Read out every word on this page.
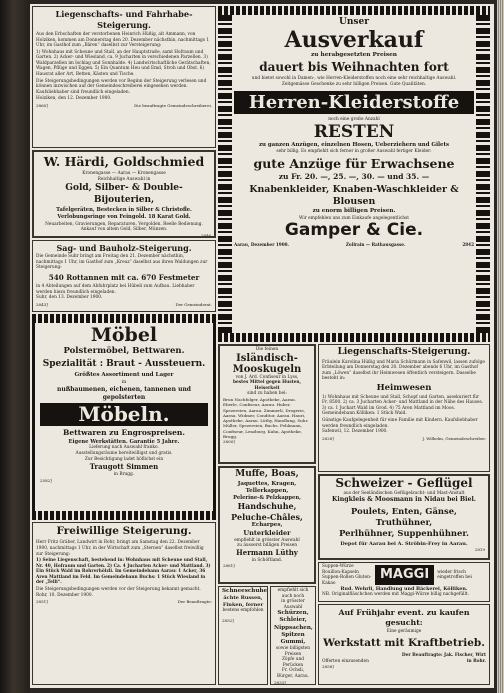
Liegenschafts- und Fahrhabe-Steigerung.

Aus den Erbschaften der verstorbenen Heinrich Hüßig, alt Ammann, von Holziken, kommen am Donnerstag den 20. Dezember nächsthin, nachmittags 1 Uhr, im Gasthof zum „Bären“ daselbst zur Versteigerung:

1) Wohnhaus mit Scheune und Stall, an der Hauptstraße, samt Hofraum und Garten. 2) Acker- und Wiesland, ca. 9 Jucharten in verschiedenen Parzellen. 3) Waldparzellen im Ischlag und Sonnhalde. 4) Landwirtschaftliche Gerätschaften, Wagen, Pflüge und Eggen. 5) Ein Quantum Heu und Emd, Stroh und Obst. 6) Hausrat aller Art, Betten, Kästen und Tische.

Die Steigerungsbedingungen werden vor Beginn der Steigerung verlesen und können inzwischen auf der Gemeindeschreiberei eingesehen werden. Kaufsliebhaber sind freundlich eingeladen.

Holziken, den 12. Dezember 1900.

2860]	Die beauftragte Gemeindeschreiberei.

W. Härdi, Goldschmied

Kronengasse — Aarau — Kronengasse

Reichhaltige Auswahl in

Gold, Silber- & Double-Bijouterien,

Tafelgeräten, Bestecken in Silber & Christofle.

Verlobungsringe von Feingold. 18 Karat Gold.

Neuarbeiten, Gravierungen, Reparaturen. Vergolden. Reelle Bedienung. Ankauf von altem Gold, Silber, Münzen.

2846

Sag- und Bauholz-Steigerung.

Die Gemeinde Suhr bringt am Freitag den 21. Dezember nächsthin, nachmittags 1 Uhr, im Gasthof zum „Kreuz“ daselbst aus ihren Waldungen zur Steigerung:

540 Rottannen mit ca. 670 Festmeter

in 4 Abteilungen auf dem Abfuhrplatz bei Hübeli zum Aufbau. Liebhaber werden hiezu freundlich eingeladen.

Suhr, den 13. Dezember 1900.

2843]	Der Gemeinderat.

Möbel

Polstermöbel, Bettwaren.

Spezialität : Braut - Aussteuern.

Größtes Assortiment und Lager

in

nußbaumenen, eichenen, tannenen und gepolsterten

Möbeln.

Bettwaren zu Engrospreisen.

Eigene Werkstätten. Garantie 5 Jahre.

Lieferung nach Auswahl franko.

Ausstellungsräume bereitwilligst und gratis.

Zur Besichtigung ladet höflichst ein

Traugott Simmen

in Brugg.

2582]

Freiwillige Steigerung.

Herr Fritz Gräber, Landwirt in Rohr, bringt am Samstag den 22. Dezember 1900, nachmittags 1 Uhr, in der Wirtschaft zum „Sternen“ daselbst freiwillig zur Steigerung:

1) Seine Liegenschaft, bestehend in: Wohnhaus mit Scheune und Stall, Nr. 40, Hofraum und Garten. 2) Ca. 4 Jucharten Acker- und Mattland. 3) Ein Stück Wald im Rohrerhölzli. Im Gemeindebann Aarau: 1 Acker, 36 Aren Mattland im Feld. Im Gemeindebann Buchs: 1 Stück Wiesland in der „Telli“.

Die Steigerungsbedingungen werden vor der Steigerung bekannt gemacht.

Rohr, 10. Dezember 1900.

2851]	Der Beauftragte:

Unser

Ausverkauf

zu herabgesetzten Preisen

dauert bis Weihnachten fort

und bietet sowohl in Damen-, wie Herren-Kleiderstoffen noch eine sehr reichhaltige Auswahl.

Zeitgemässe Geschenke zu sehr billigen Preisen. Gute Qualitäten.

Herren-Kleiderstoffe

noch eine große Anzahl

RESTEN

zu ganzen Anzügen, einzelnen Hosen, Ueberziehern und Gilets

sehr billig. Es empfiehlt sich ferner in großer Auswahl fertiger Kleider:

gute Anzüge für Erwachsene

zu Fr. 20. —, 25. —, 30. — und 35. —

Knabenkleider, Knaben-Waschkleider & Blousen

zu enorm billigen Preisen.

Wir empfehlen uns zum Einkaufe angelegentlichst

Gamper & Cie.

Aarau, Dezember 1900.	Zollrain — Rathausgasse.	2842

Die feinen

Isländisch-

Mooskugeln

von J. Ard. Confiseur in Lyss,

bestes Mittel gegen Husten, Heiserkeit

sind zu haben bei:

Brun Nachfolger, Apotheke, Aarau. Eberle, Confiseur, Aarau. Huber, Spezereien, Aarau. Zimmerli, Drogerie, Aarau. Widmer, Conditor, Aarau. Hauri, Apotheke, Aarau. Lüthy, Handlung, Suhr. Müller, Spezereien, Buchs. Fehlmann, Confiseur, Lenzburg. Kuhn, Apotheke, Brugg.

2800]

Muffe, Boas,

Jaquettes, Kragen,

Tellerkappen,

Pelerine-& Pelzkappen,

Handschuhe,

Peluche-Châles,

Echarpes,

Unterkleider

empfiehlt in grösster Auswahl

zu äusserst billigen Preisen

Hermann Lüthy

in Schöftland.

2861]

Schneeschuhe

ächte Russen,

Finken, ferner

bestens empfohlen

2852]

empfiehlt sich auch noch

in grösster Auswahl

Schürzen,

Schleier,

Nippsachen,

Spitzen

Gummi,

sowie billigsten Preisen

Zöpfe und Perücken

Fr. Ochsli, Bürger, Aarau.

2833]

Liegenschafts-Steigerung.

Fräulein Karolina Hüßig und Maria Schürmann in Safenwil, lassen zufolge Erbteilung am Donnerstag den 20. Dezember abends 6 Uhr, im Gasthof zum „Löwen“ daselbst ihr Heimwesen öffentlich versteigern. Dasselbe besteht in:

Heimwesen

1) Wohnhaus mit Scheune und Stall, Schopf und Garten, assekuriert für Fr. 8500. 2) ca. 3 Jucharten Acker- und Mattland in der Nähe des Hauses. 3) ca. 1 Juchart Wald im Grod. 4) 75 Aren Mattland im Moos. Gemeindebann Kölliken: 1 Stück Wald.

Günstige Kaufgelegenheit für eine Familie mit Kindern. Kaufsliebhaber werden freundlich eingeladen.

Safenwil, 12. Dezember 1900.

2828]	J. Wilhelm, Gemeindeschreiber.

Schweizer - Geflügel

aus der Seeländischen Geflügelzucht- und Mast-Anstalt

Kingkleis & Moosmann in Nidau bei Biel.

Poulets, Enten, Gänse, Truthühner,

Perlhühner, Suppenhühner.

Depot für Aarau bei A. Ströbin-Frey in Aarau.

2819

Suppen-Würze Bouillon-Kapseln Suppen-Rollen Gluten-Kakao

MAGGI	wieder frisch eingetroffen bei

Rud. Wehrli, Handlung und Bäckerei, Kölliken.

NB. Originalfläschchen werden mit Maggi-Würze billig nachgefüllt.

Auf Frühjahr event. zu kaufen gesucht:

Eine geräumige

Werkstatt mit Kraftbetrieb.

Offerten einzusenden

Der Beauftragte: Jak. Fischer, Wirt in Rohr.

2858]
